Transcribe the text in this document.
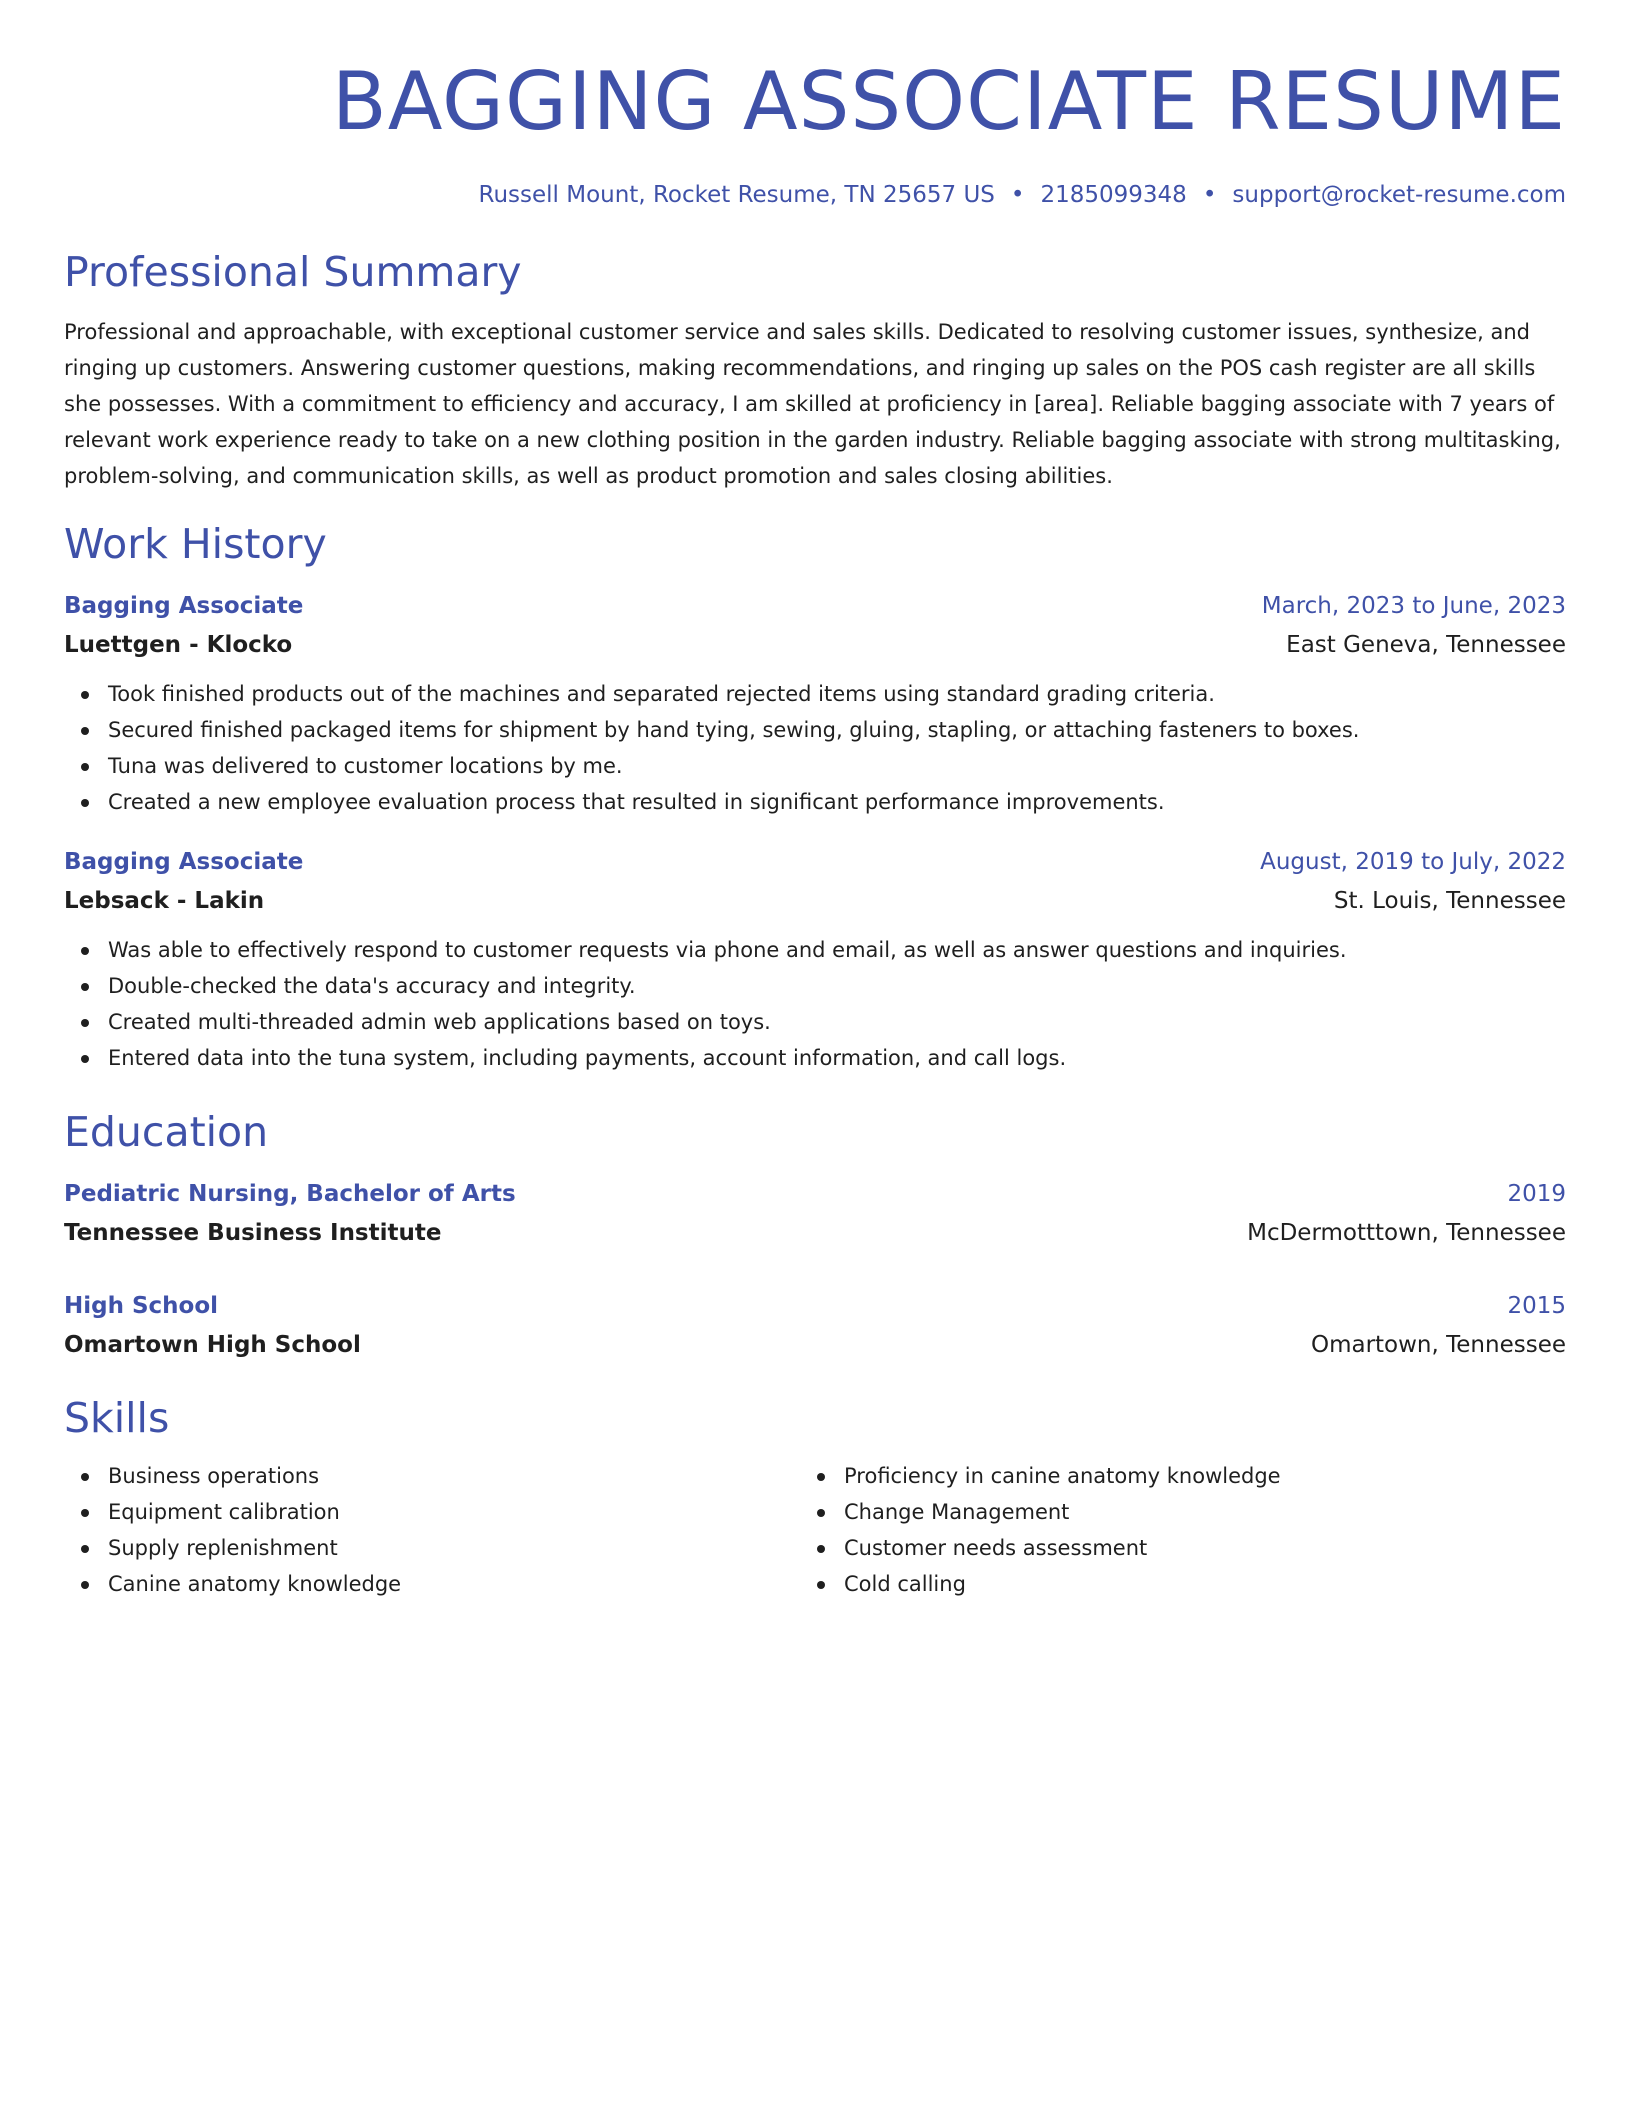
BAGGING ASSOCIATE RESUME
Russell Mount, Rocket Resume, TN 25657 US • 2185099348 • support@rocket-resume.com
Professional Summary

Professional and approachable, with exceptional customer service and sales skills. Dedicated to resolving customer issues, synthesize, and ringing up customers. Answering customer questions, making recommendations, and ringing up sales on the POS cash register are all skills she possesses. With a commitment to efficiency and accuracy, I am skilled at proficiency in [area]. Reliable bagging associate with 7 years of relevant work experience ready to take on a new clothing position in the garden industry. Reliable bagging associate with strong multitasking, problem-solving, and communication skills, as well as product promotion and sales closing abilities.

Work History
Bagging Associate	March, 2023 to June, 2023
Luettgen - Klocko	East Geneva, Tennessee
Took finished products out of the machines and separated rejected items using standard grading criteria.
Secured finished packaged items for shipment by hand tying, sewing, gluing, stapling, or attaching fasteners to boxes.
Tuna was delivered to customer locations by me.
Created a new employee evaluation process that resulted in significant performance improvements.
Bagging Associate	August, 2019 to July, 2022
Lebsack - Lakin	St. Louis, Tennessee
Was able to effectively respond to customer requests via phone and email, as well as answer questions and inquiries.
Double-checked the data's accuracy and integrity.
Created multi-threaded admin web applications based on toys.
Entered data into the tuna system, including payments, account information, and call logs.
Education
Pediatric Nursing, Bachelor of Arts	2019
Tennessee Business Institute	McDermotttown, Tennessee
High School	2015
Omartown High School	Omartown, Tennessee
Skills
Business operations
Equipment calibration
Supply replenishment
Canine anatomy knowledge
Proficiency in canine anatomy knowledge
Change Management
Customer needs assessment
Cold calling
